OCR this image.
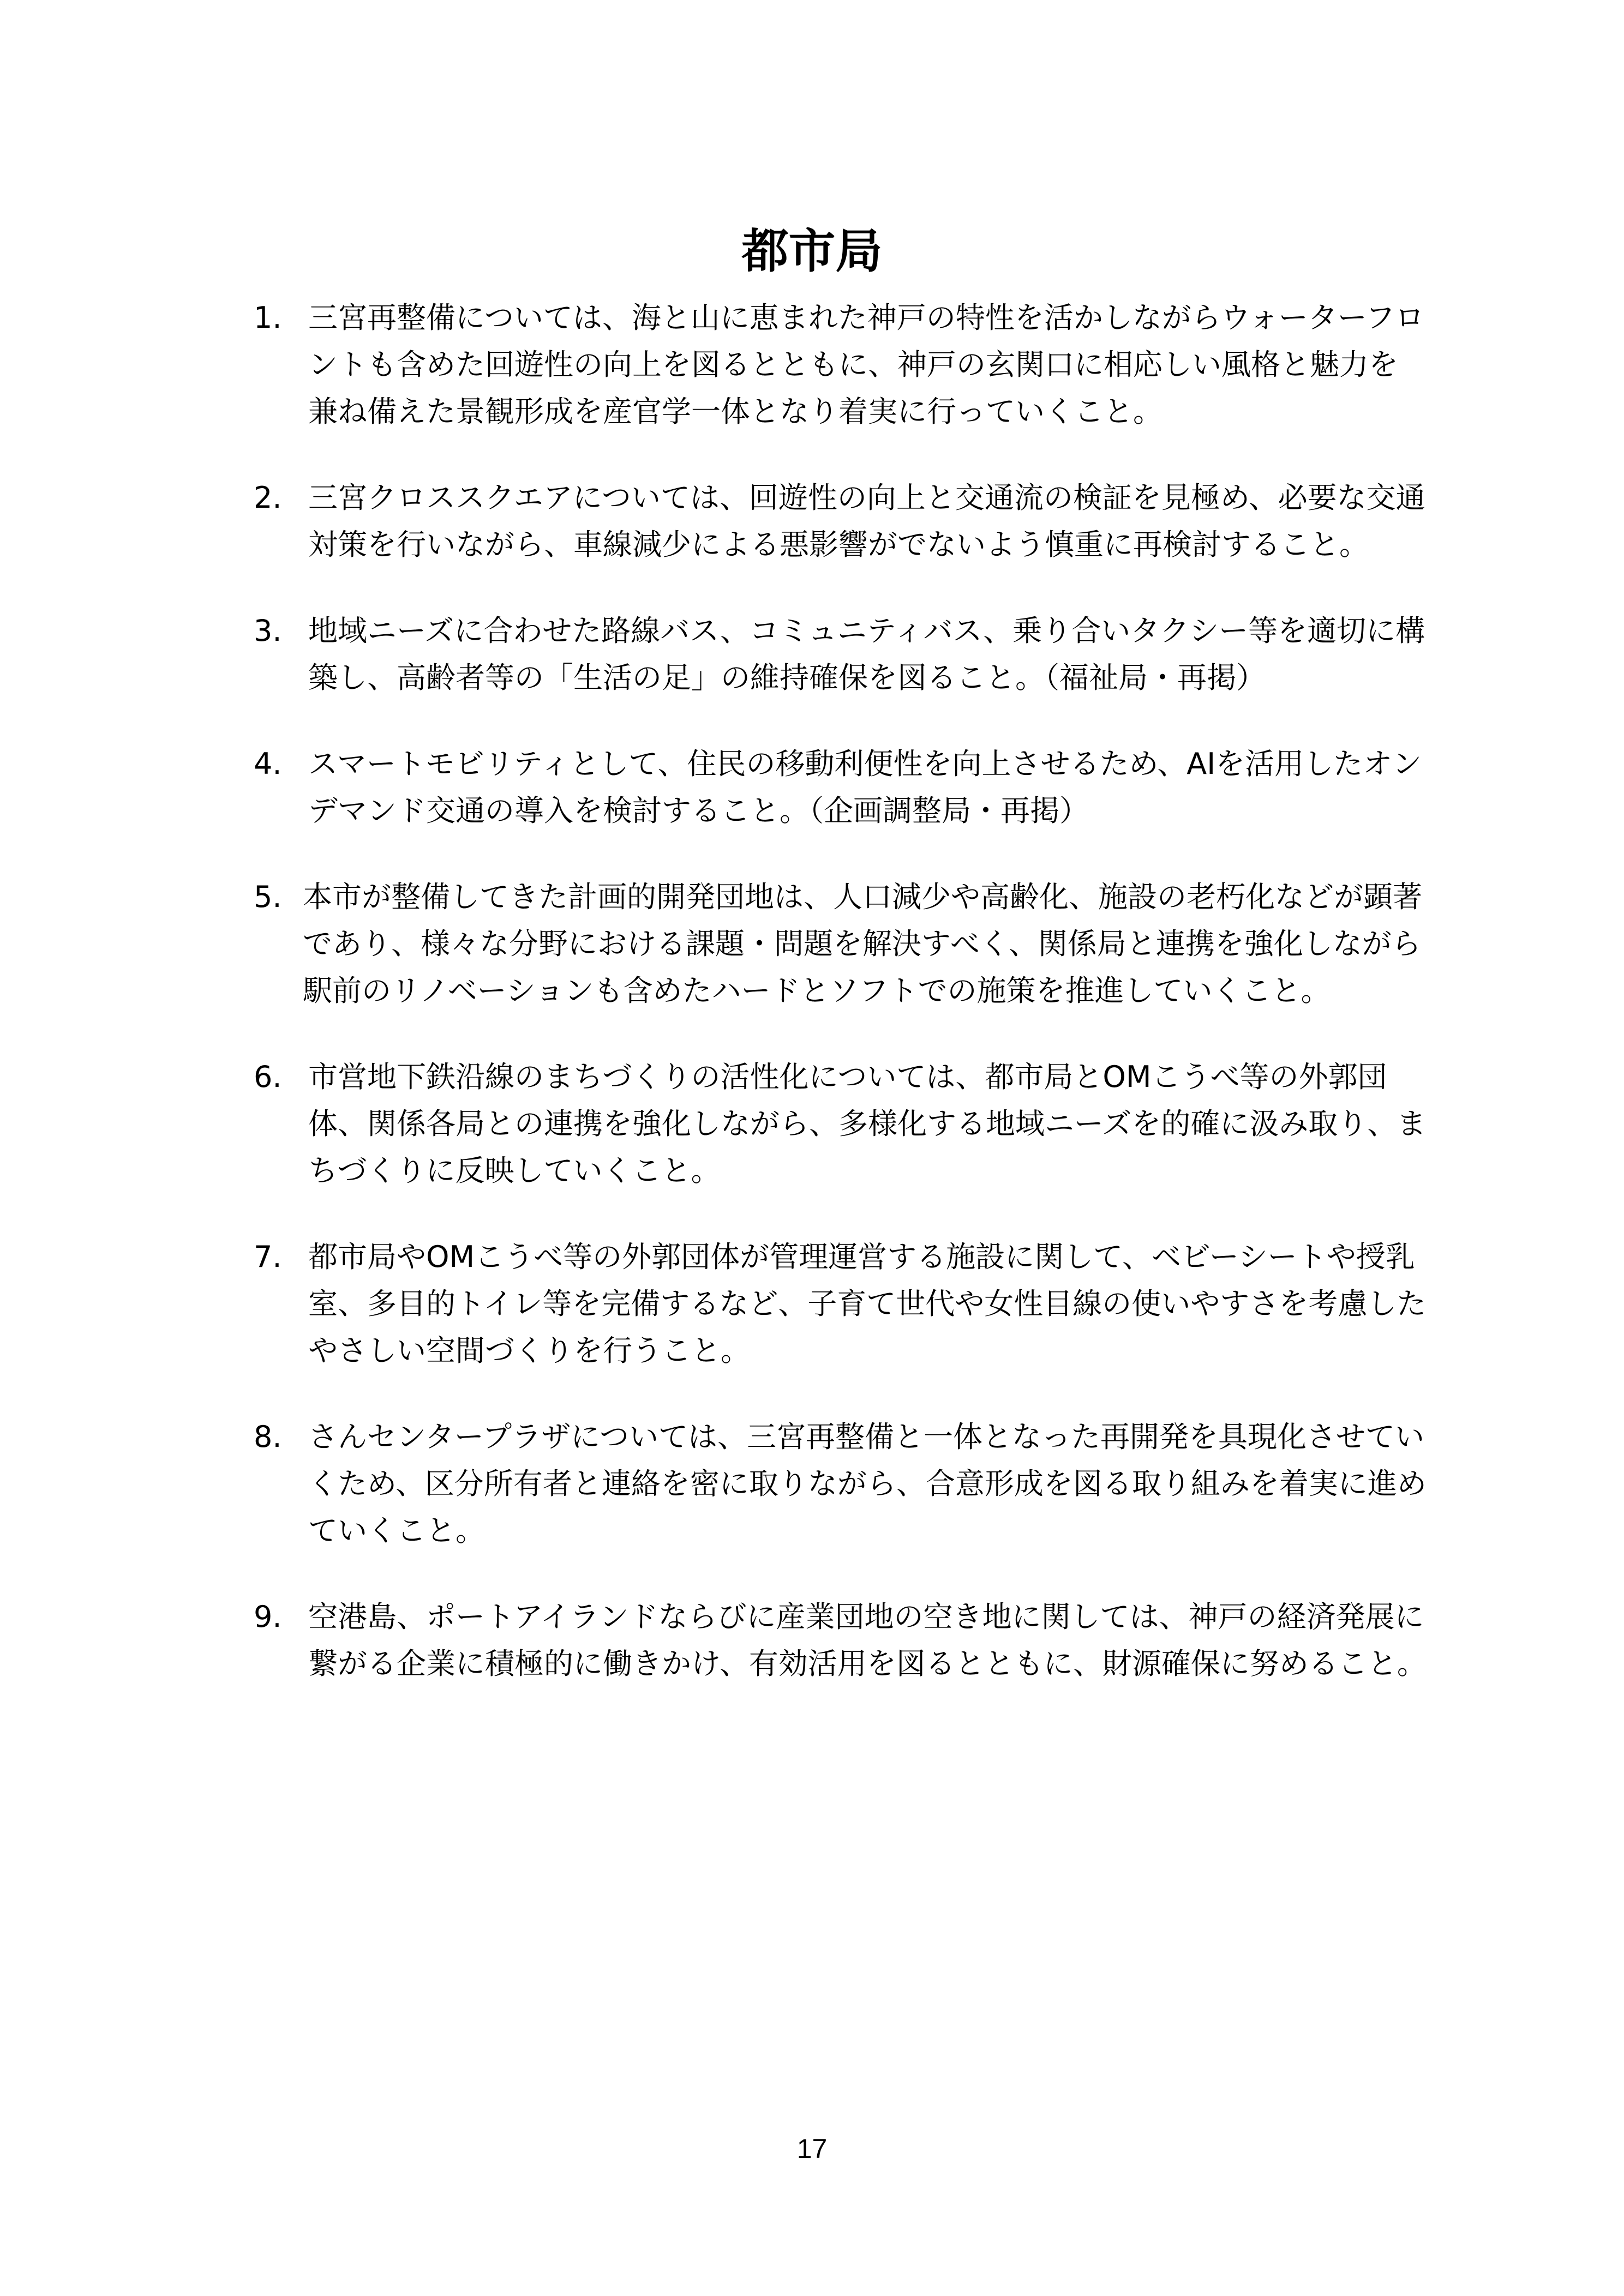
都市局
1. 三宮再整備については、海と山に恵まれた神戸の特性を活かしながらウォーターフロントも含めた回遊性の向上を図るとともに、神戸の玄関口に相応しい風格と魅力を兼ね備えた景観形成を産官学一体となり着実に行っていくこと。
2. 三宮クロススクエアについては、回遊性の向上と交通流の検証を見極め、必要な交通対策を行いながら、車線減少による悪影響がでないよう慎重に再検討すること。
3. 地域ニーズに合わせた路線バス、コミュニティバス、乗り合いタクシー等を適切に構築し、高齢者等の「生活の足」の維持確保を図ること。（福祉局・再掲）
4. スマートモビリティとして、住民の移動利便性を向上させるため、AIを活用したオンデマンド交通の導入を検討すること。（企画調整局・再掲）
5. 本市が整備してきた計画的開発団地は、人口減少や高齢化、施設の老朽化などが顕著であり、様々な分野における課題・問題を解決すべく、関係局と連携を強化しながら駅前のリノベーションも含めたハードとソフトでの施策を推進していくこと。
6. 市営地下鉄沿線のまちづくりの活性化については、都市局とOMこうべ等の外郭団体、関係各局との連携を強化しながら、多様化する地域ニーズを的確に汲み取り、まちづくりに反映していくこと。
7. 都市局やOMこうべ等の外郭団体が管理運営する施設に関して、ベビーシートや授乳室、多目的トイレ等を完備するなど、子育て世代や女性目線の使いやすさを考慮したやさしい空間づくりを行うこと。
8. さんセンタープラザについては、三宮再整備と一体となった再開発を具現化させていくため、区分所有者と連絡を密に取りながら、合意形成を図る取り組みを着実に進めていくこと。
9. 空港島、ポートアイランドならびに産業団地の空き地に関しては、神戸の経済発展に繋がる企業に積極的に働きかけ、有効活用を図るとともに、財源確保に努めること。
17
